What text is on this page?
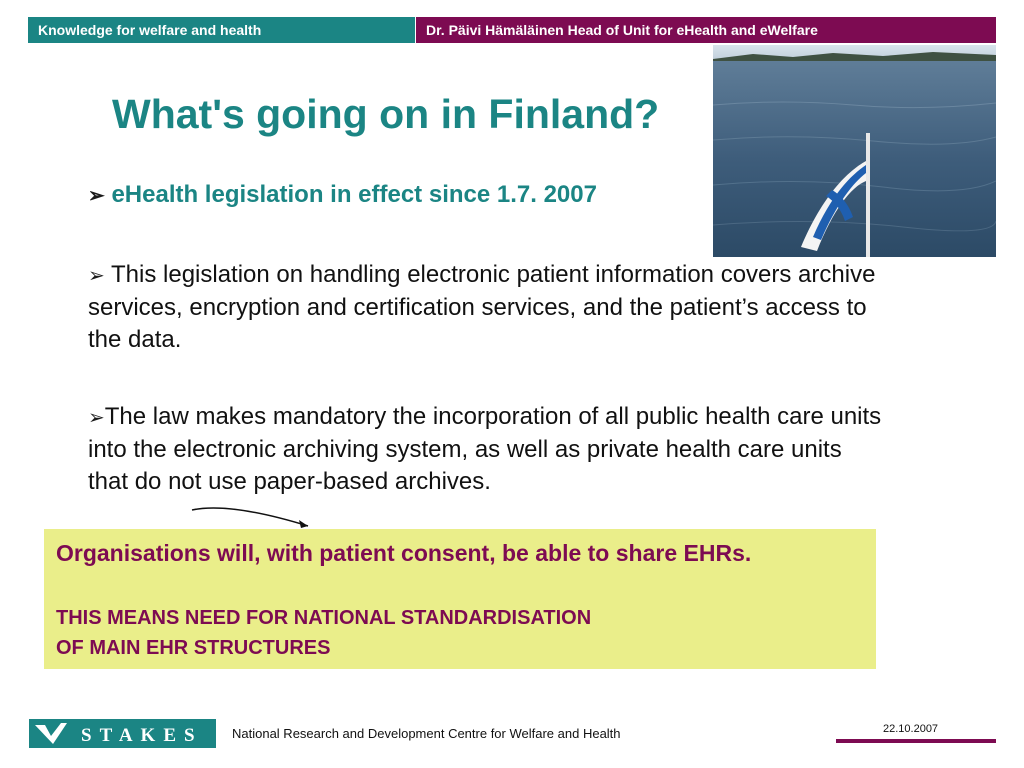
Knowledge for welfare and health	Dr. Päivi Hämäläinen Head of Unit for eHealth and eWelfare
What's going on in Finland?
➢ eHealth legislation in effect since 1.7. 2007

➢ This legislation on handling electronic patient information covers archive services, encryption and certification services, and the patient’s access to the data.

➢The law makes mandatory the incorporation of all public health care units into the electronic archiving system, as well as private health care units that do not use paper-based archives.

Organisations will, with patient consent, be able to share EHRs.
THIS MEANS NEED FOR NATIONAL STANDARDISATION
OF MAIN EHR STRUCTURES
STAKES National Research and Development Centre for Welfare and Health	22.10.2007
